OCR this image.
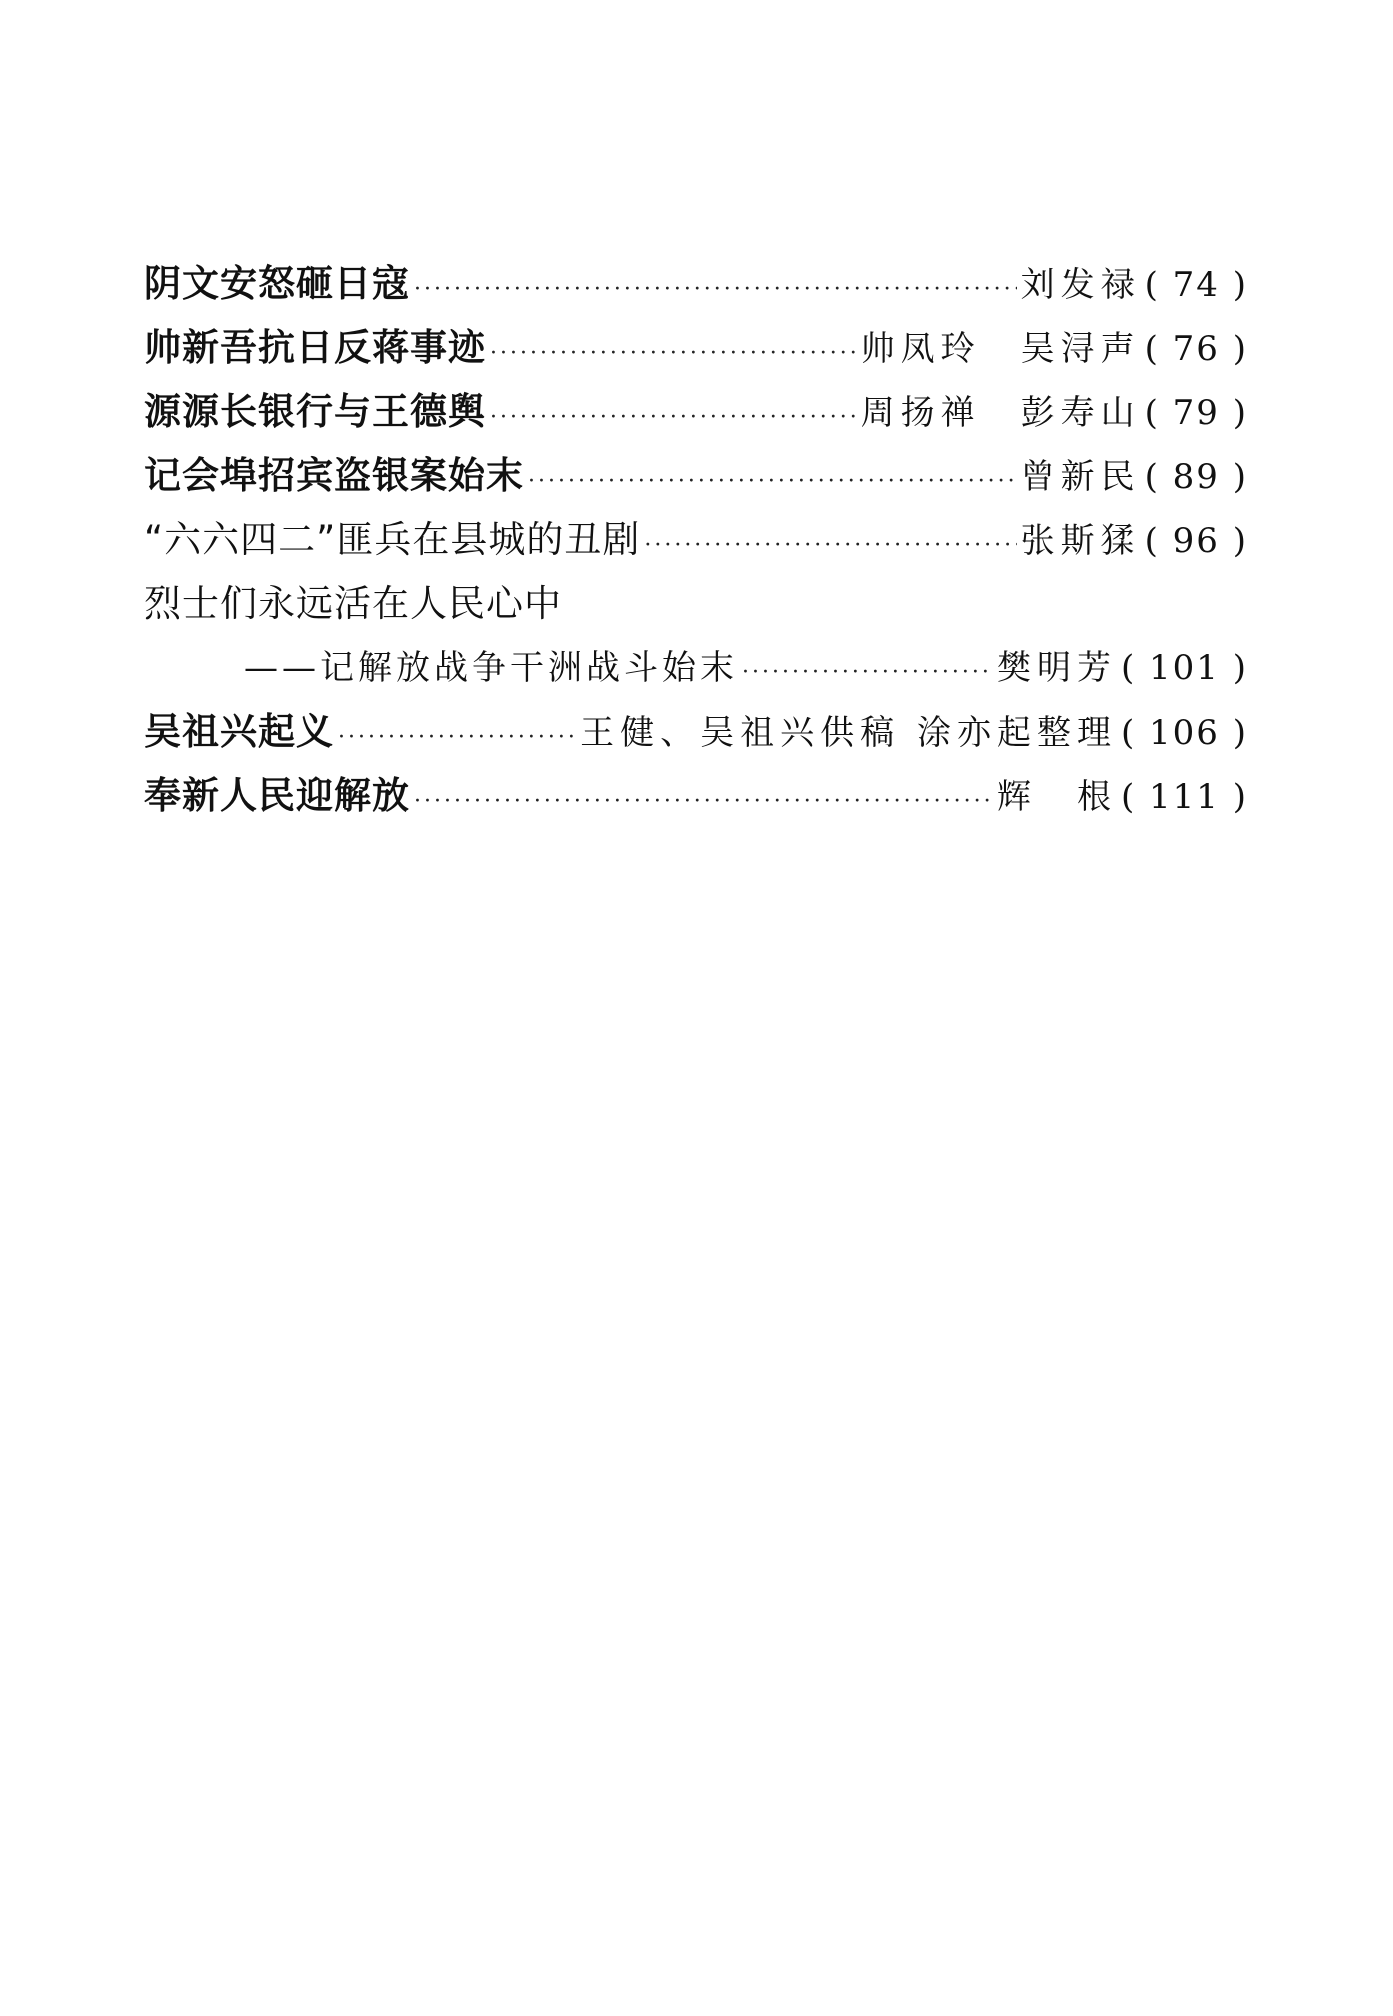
阴文安怒砸日寇 ·····	刘发禄 ( 74 )
帅新吾抗日反蒋事迹 ·····	帅凤玲　吴浔声 ( 76 )
源源长银行与王德舆 ·····	周扬禅　彭寿山 ( 79 )
记会埠招宾盗银案始末 ·····	曾新民 ( 89 )
“六六四二”匪兵在县城的丑剧 ·····	张斯猱 ( 96 )
烈士们永远活在人民心中
——记解放战争干洲战斗始末 ·····	樊明芳 ( 101 )
吴祖兴起义 ·····	王健、吴祖兴供稿 涂亦起整理 ( 106 )
奉新人民迎解放 ·····	辉　根 ( 111 )
